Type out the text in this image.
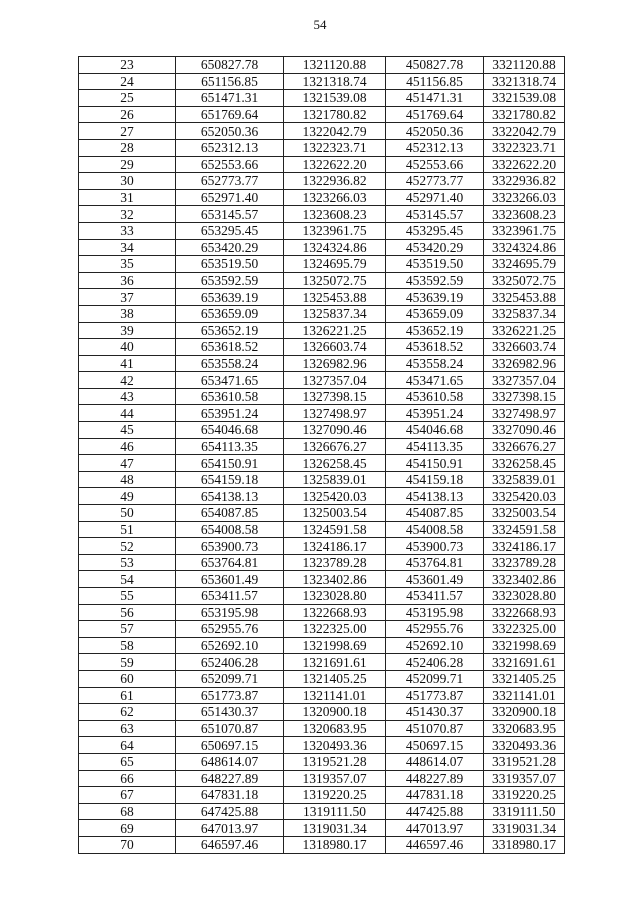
54
23	650827.78	1321120.88	450827.78	3321120.88
24	651156.85	1321318.74	451156.85	3321318.74
25	651471.31	1321539.08	451471.31	3321539.08
26	651769.64	1321780.82	451769.64	3321780.82
27	652050.36	1322042.79	452050.36	3322042.79
28	652312.13	1322323.71	452312.13	3322323.71
29	652553.66	1322622.20	452553.66	3322622.20
30	652773.77	1322936.82	452773.77	3322936.82
31	652971.40	1323266.03	452971.40	3323266.03
32	653145.57	1323608.23	453145.57	3323608.23
33	653295.45	1323961.75	453295.45	3323961.75
34	653420.29	1324324.86	453420.29	3324324.86
35	653519.50	1324695.79	453519.50	3324695.79
36	653592.59	1325072.75	453592.59	3325072.75
37	653639.19	1325453.88	453639.19	3325453.88
38	653659.09	1325837.34	453659.09	3325837.34
39	653652.19	1326221.25	453652.19	3326221.25
40	653618.52	1326603.74	453618.52	3326603.74
41	653558.24	1326982.96	453558.24	3326982.96
42	653471.65	1327357.04	453471.65	3327357.04
43	653610.58	1327398.15	453610.58	3327398.15
44	653951.24	1327498.97	453951.24	3327498.97
45	654046.68	1327090.46	454046.68	3327090.46
46	654113.35	1326676.27	454113.35	3326676.27
47	654150.91	1326258.45	454150.91	3326258.45
48	654159.18	1325839.01	454159.18	3325839.01
49	654138.13	1325420.03	454138.13	3325420.03
50	654087.85	1325003.54	454087.85	3325003.54
51	654008.58	1324591.58	454008.58	3324591.58
52	653900.73	1324186.17	453900.73	3324186.17
53	653764.81	1323789.28	453764.81	3323789.28
54	653601.49	1323402.86	453601.49	3323402.86
55	653411.57	1323028.80	453411.57	3323028.80
56	653195.98	1322668.93	453195.98	3322668.93
57	652955.76	1322325.00	452955.76	3322325.00
58	652692.10	1321998.69	452692.10	3321998.69
59	652406.28	1321691.61	452406.28	3321691.61
60	652099.71	1321405.25	452099.71	3321405.25
61	651773.87	1321141.01	451773.87	3321141.01
62	651430.37	1320900.18	451430.37	3320900.18
63	651070.87	1320683.95	451070.87	3320683.95
64	650697.15	1320493.36	450697.15	3320493.36
65	648614.07	1319521.28	448614.07	3319521.28
66	648227.89	1319357.07	448227.89	3319357.07
67	647831.18	1319220.25	447831.18	3319220.25
68	647425.88	1319111.50	447425.88	3319111.50
69	647013.97	1319031.34	447013.97	3319031.34
70	646597.46	1318980.17	446597.46	3318980.17
